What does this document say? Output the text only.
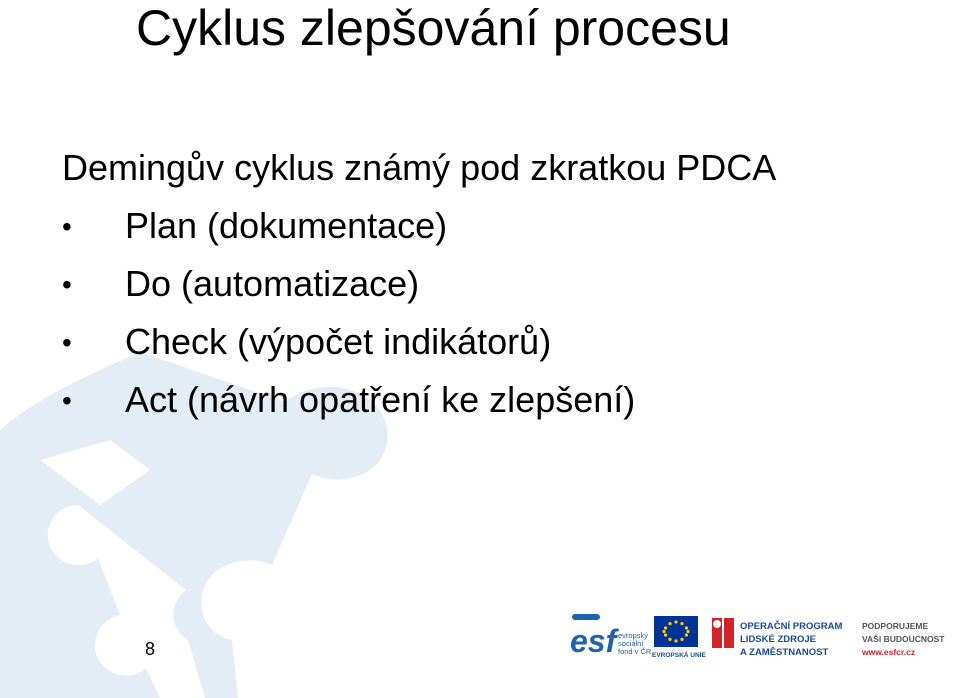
Cyklus zlepšování procesu

Demingův cyklus známý pod zkratkou PDCA

• Plan (dokumentace)
• Do (automatizace)
• Check (výpočet indikátorů)
• Act (návrh opatření ke zlepšení)
8	esf evropský
sociální
fond v ČR EVROPSKÁ UNIE
OPERAČNÍ PROGRAM
LIDSKÉ ZDROJE
A ZAMĚSTNANOST
PODPORUJEME
VAŠI BUDOUCNOST
www.esfcr.cz
